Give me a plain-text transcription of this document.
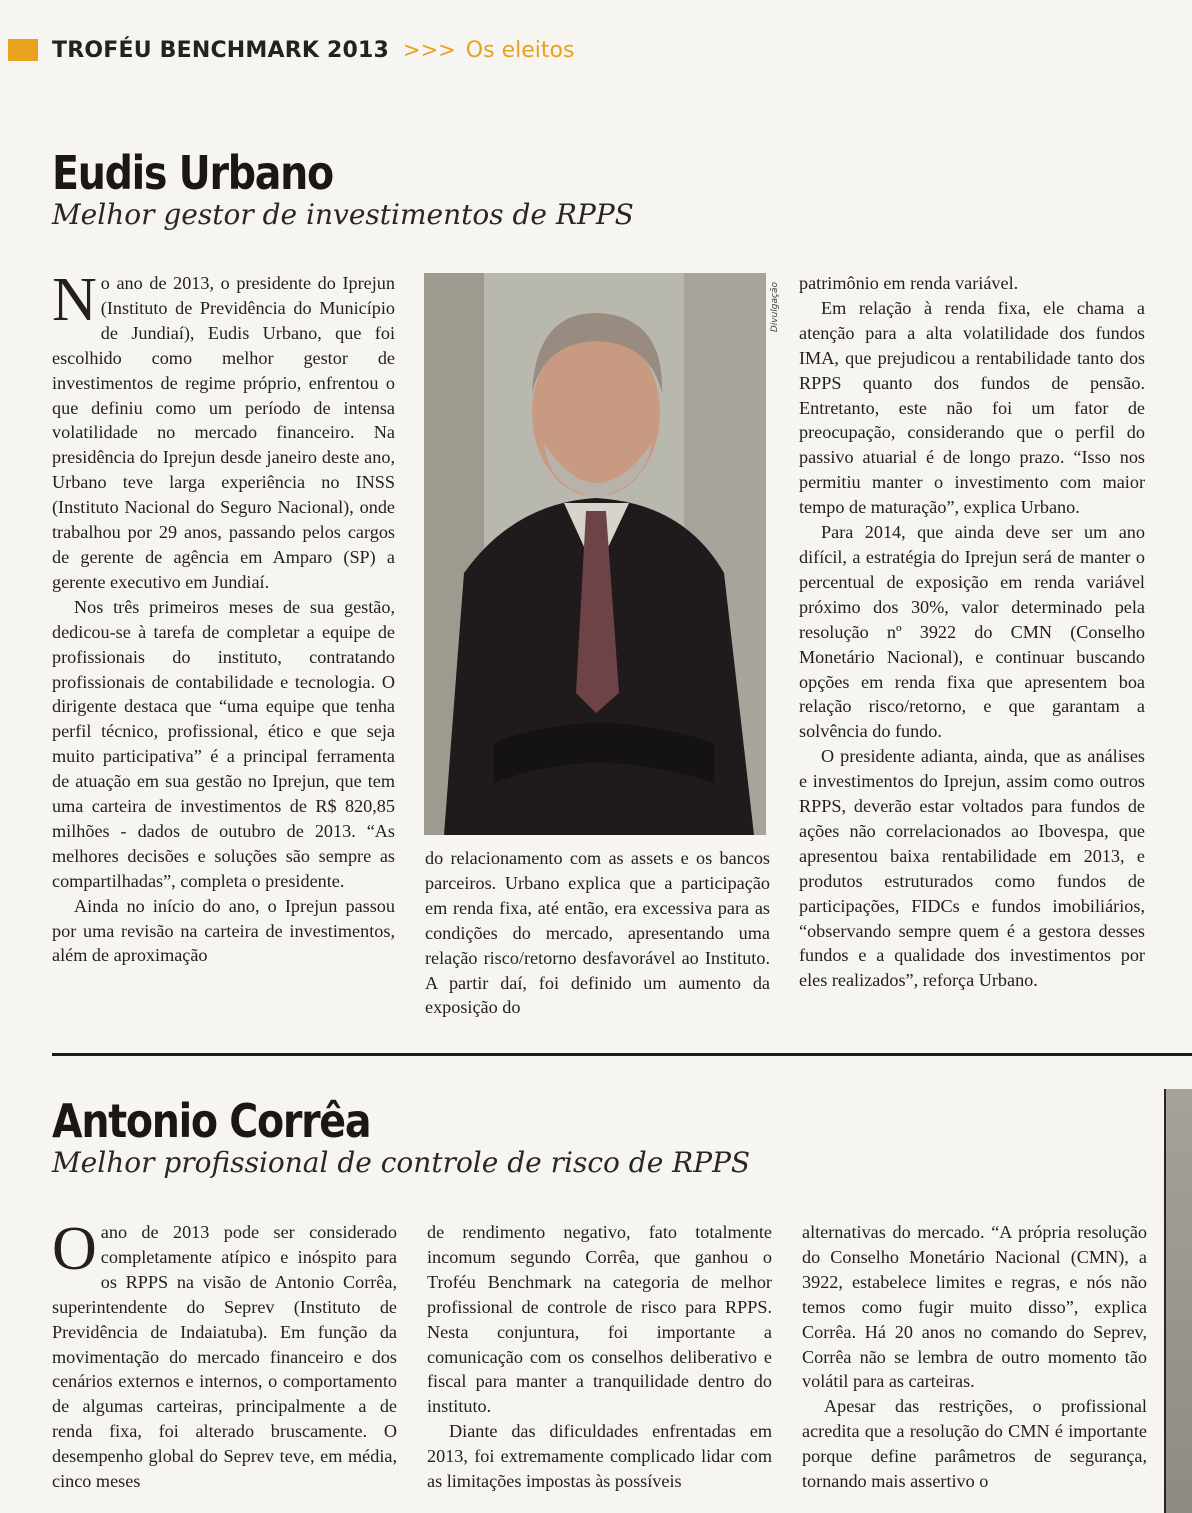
TROFÉU BENCHMARK 2013 >>> Os eleitos
Eudis Urbano
Melhor gestor de investimentos de RPPS

No ano de 2013, o presidente do Iprejun (Instituto de Previdência do Município de Jundiaí), Eudis Urbano, que foi escolhido como melhor gestor de investimentos de regime próprio, enfrentou o que definiu como um período de intensa volatilidade no mercado financeiro. Na presidência do Iprejun desde janeiro deste ano, Urbano teve larga experiência no INSS (Instituto Nacional do Seguro Nacional), onde trabalhou por 29 anos, passando pelos cargos de gerente de agência em Amparo (SP) a gerente executivo em Jundiaí.

Nos três primeiros meses de sua gestão, dedicou-se à tarefa de completar a equipe de profissionais do instituto, contratando profissionais de contabilidade e tecnologia. O dirigente destaca que “uma equipe que tenha perfil técnico, profissional, ético e que seja muito participativa” é a principal ferramenta de atuação em sua gestão no Iprejun, que tem uma carteira de investimentos de R$ 820,85 milhões - dados de outubro de 2013. “As melhores decisões e soluções são sempre as compartilhadas”, completa o presidente.

Ainda no início do ano, o Iprejun passou por uma revisão na carteira de investimentos, além de aproximação

Divulgação

do relacionamento com as assets e os bancos parceiros. Urbano explica que a participação em renda fixa, até então, era excessiva para as condições do mercado, apresentando uma relação risco/retorno desfavorável ao Instituto. A partir daí, foi definido um aumento da exposição do

patrimônio em renda variável.

Em relação à renda fixa, ele chama a atenção para a alta volatilidade dos fundos IMA, que prejudicou a rentabilidade tanto dos RPPS quanto dos fundos de pensão. Entretanto, este não foi um fator de preocupação, considerando que o perfil do passivo atuarial é de longo prazo. “Isso nos permitiu manter o investimento com maior tempo de maturação”, explica Urbano.

Para 2014, que ainda deve ser um ano difícil, a estratégia do Iprejun será de manter o percentual de exposição em renda variável próximo dos 30%, valor determinado pela resolução nº 3922 do CMN (Conselho Monetário Nacional), e continuar buscando opções em renda fixa que apresentem boa relação risco/retorno, e que garantam a solvência do fundo.

O presidente adianta, ainda, que as análises e investimentos do Iprejun, assim como outros RPPS, deverão estar voltados para fundos de ações não correlacionados ao Ibovespa, que apresentou baixa rentabilidade em 2013, e produtos estruturados como fundos de participações, FIDCs e fundos imobiliários, “observando sempre quem é a gestora desses fundos e a qualidade dos investimentos por eles realizados”, reforça Urbano.

Antonio Corrêa
Melhor profissional de controle de risco de RPPS

Oano de 2013 pode ser considerado completamente atípico e inóspito para os RPPS na visão de Antonio Corrêa, superintendente do Seprev (Instituto de Previdência de Indaiatuba). Em função da movimentação do mercado financeiro e dos cenários externos e internos, o comportamento de algumas carteiras, principalmente a de renda fixa, foi alterado bruscamente. O desempenho global do Seprev teve, em média, cinco meses

de rendimento negativo, fato totalmente incomum segundo Corrêa, que ganhou o Troféu Benchmark na categoria de melhor profissional de controle de risco para RPPS. Nesta conjuntura, foi importante a comunicação com os conselhos deliberativo e fiscal para manter a tranquilidade dentro do instituto.

Diante das dificuldades enfrentadas em 2013, foi extremamente complicado lidar com as limitações impostas às possíveis

alternativas do mercado. “A própria resolução do Conselho Monetário Nacional (CMN), a 3922, estabelece limites e regras, e nós não temos como fugir muito disso”, explica Corrêa. Há 20 anos no comando do Seprev, Corrêa não se lembra de outro momento tão volátil para as carteiras.

Apesar das restrições, o profissional acredita que a resolução do CMN é importante porque define parâmetros de segurança, tornando mais assertivo o
